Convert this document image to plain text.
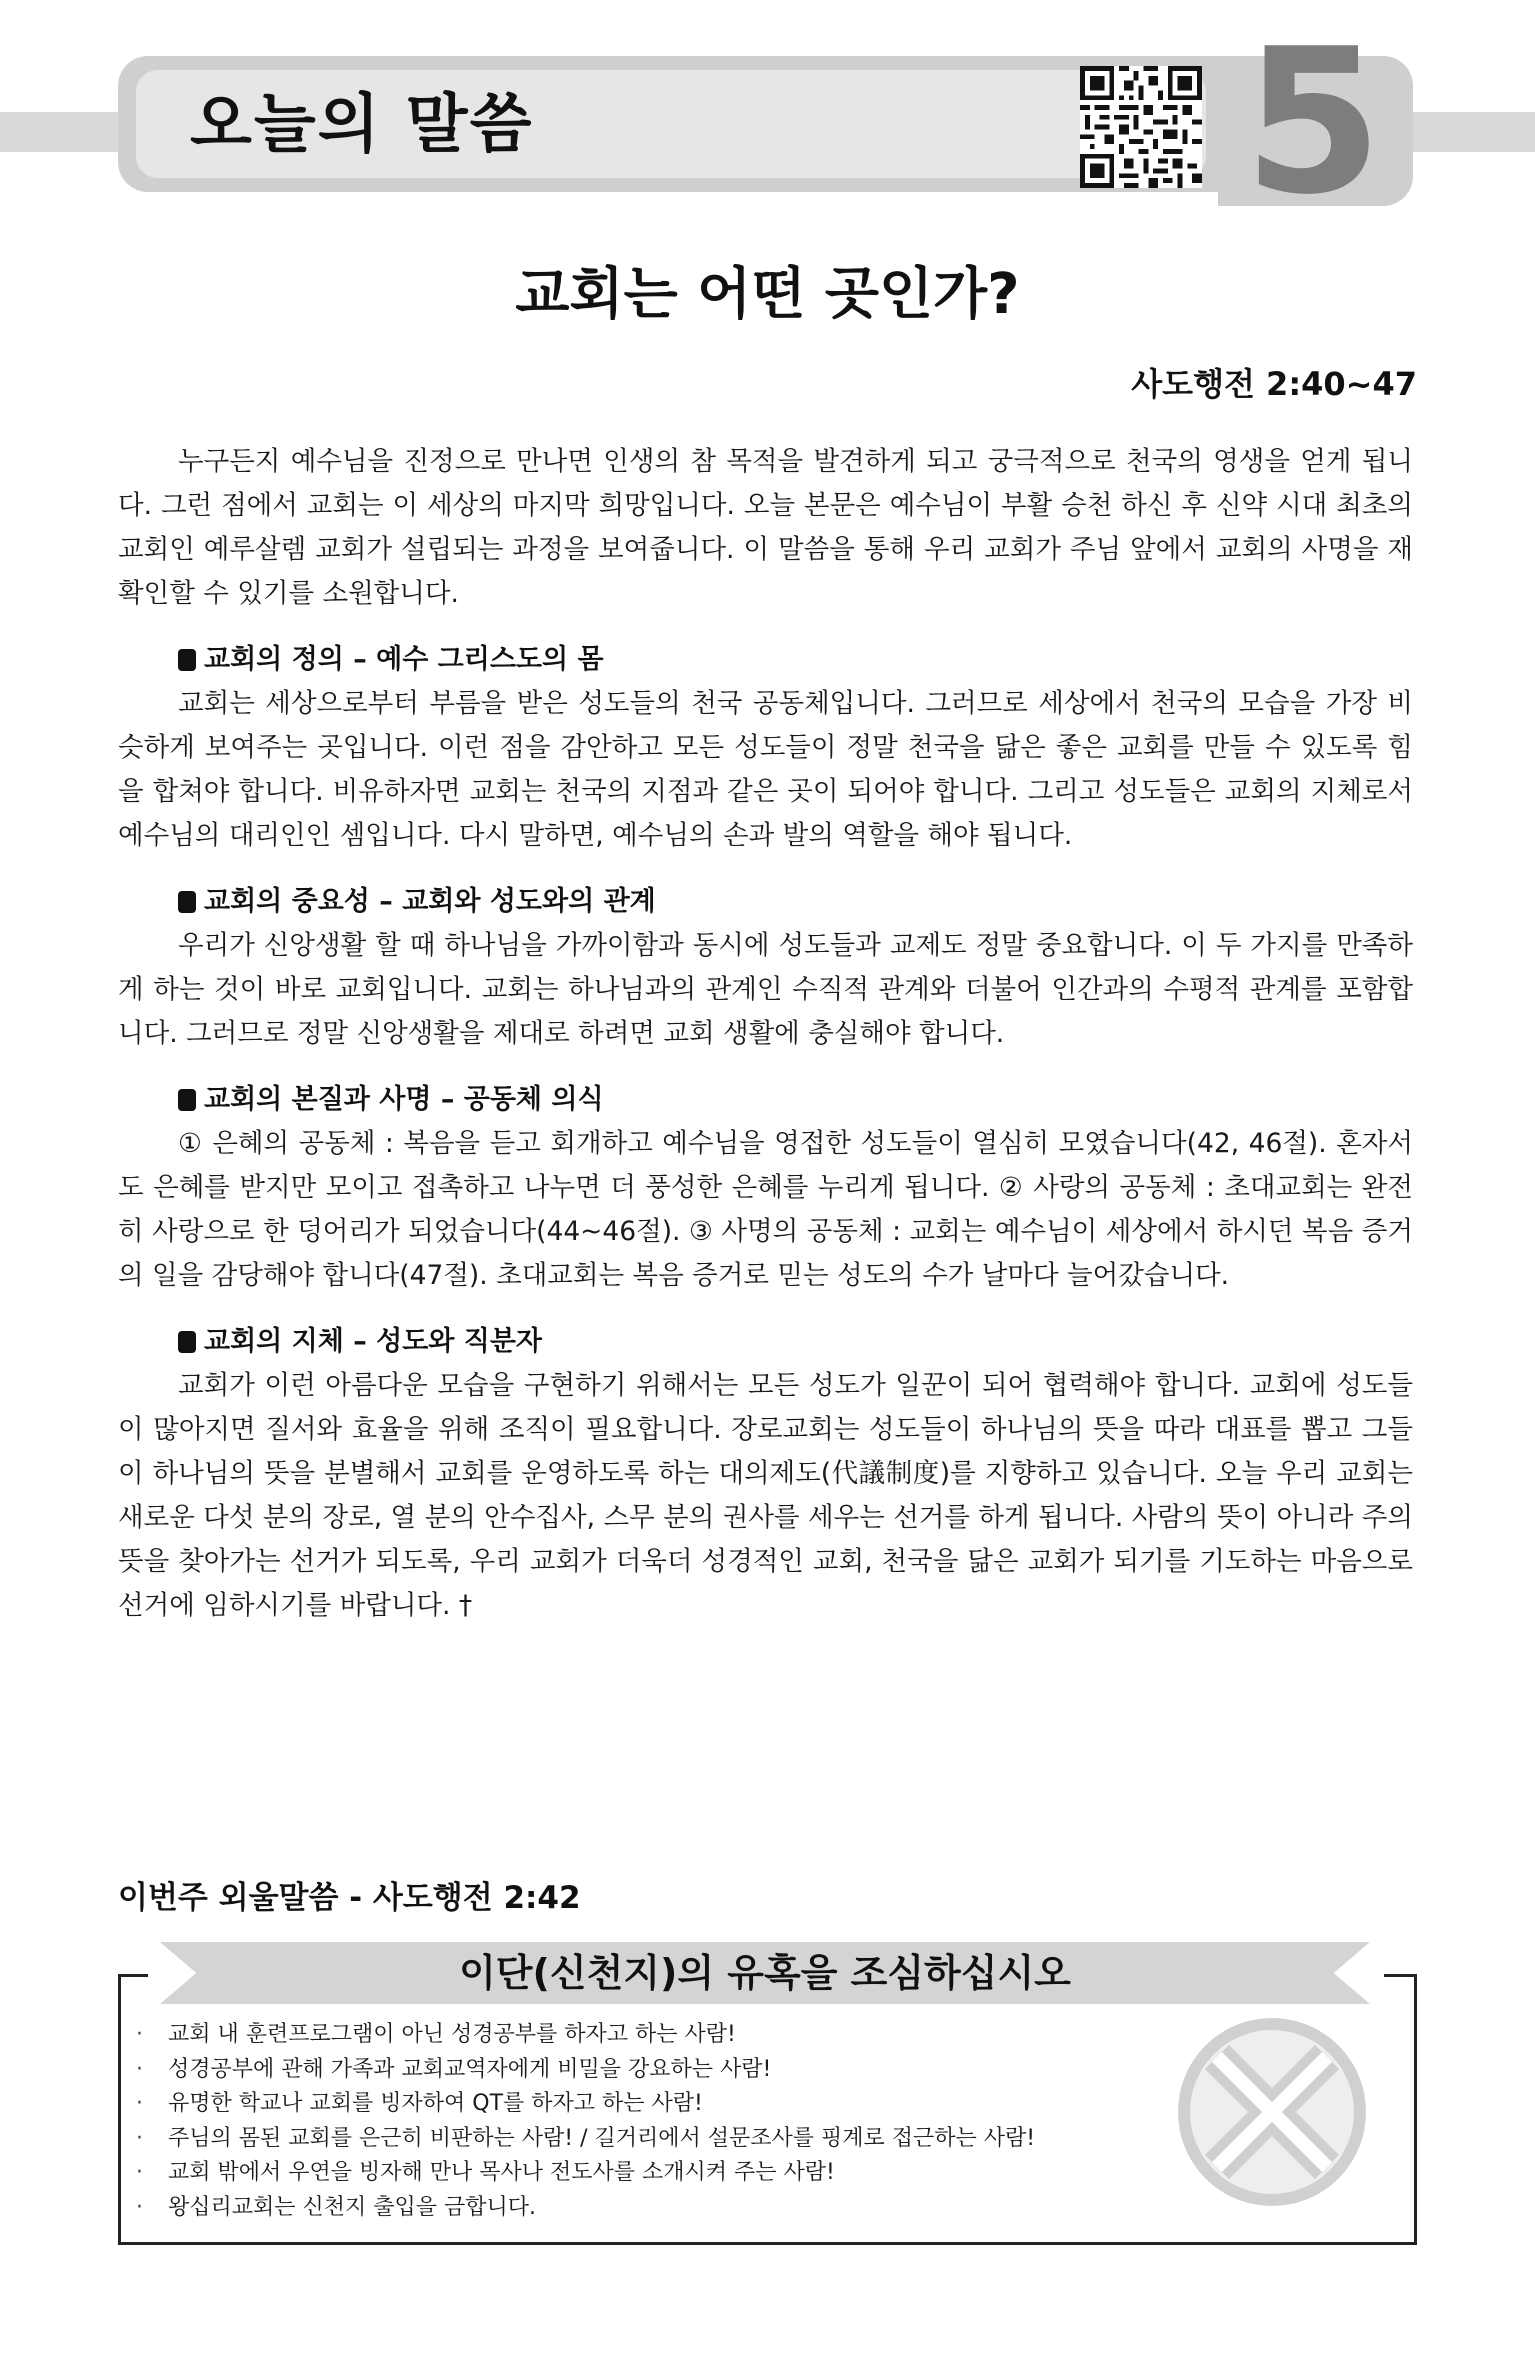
오늘의 말씀	5
교회는 어떤 곳인가?
사도행전 2:40~47

누구든지 예수님을 진정으로 만나면 인생의 참 목적을 발견하게 되고 궁극적으로 천국의 영생을 얻게 됩니다. 그런 점에서 교회는 이 세상의 마지막 희망입니다. 오늘 본문은 예수님이 부활 승천 하신 후 신약 시대 최초의 교회인 예루살렘 교회가 설립되는 과정을 보여줍니다. 이 말씀을 통해 우리 교회가 주님 앞에서 교회의 사명을 재확인할 수 있기를 소원합니다.

교회의 정의 – 예수 그리스도의 몸

교회는 세상으로부터 부름을 받은 성도들의 천국 공동체입니다. 그러므로 세상에서 천국의 모습을 가장 비슷하게 보여주는 곳입니다. 이런 점을 감안하고 모든 성도들이 정말 천국을 닮은 좋은 교회를 만들 수 있도록 힘을 합쳐야 합니다. 비유하자면 교회는 천국의 지점과 같은 곳이 되어야 합니다. 그리고 성도들은 교회의 지체로서 예수님의 대리인인 셈입니다. 다시 말하면, 예수님의 손과 발의 역할을 해야 됩니다.

교회의 중요성 – 교회와 성도와의 관계

우리가 신앙생활 할 때 하나님을 가까이함과 동시에 성도들과 교제도 정말 중요합니다. 이 두 가지를 만족하게 하는 것이 바로 교회입니다. 교회는 하나님과의 관계인 수직적 관계와 더불어 인간과의 수평적 관계를 포함합니다. 그러므로 정말 신앙생활을 제대로 하려면 교회 생활에 충실해야 합니다.

교회의 본질과 사명 – 공동체 의식

① 은혜의 공동체 : 복음을 듣고 회개하고 예수님을 영접한 성도들이 열심히 모였습니다(42, 46절). 혼자서도 은혜를 받지만 모이고 접촉하고 나누면 더 풍성한 은혜를 누리게 됩니다. ② 사랑의 공동체 : 초대교회는 완전히 사랑으로 한 덩어리가 되었습니다(44~46절). ③ 사명의 공동체 : 교회는 예수님이 세상에서 하시던 복음 증거의 일을 감당해야 합니다(47절). 초대교회는 복음 증거로 믿는 성도의 수가 날마다 늘어갔습니다.

교회의 지체 – 성도와 직분자

교회가 이런 아름다운 모습을 구현하기 위해서는 모든 성도가 일꾼이 되어 협력해야 합니다. 교회에 성도들이 많아지면 질서와 효율을 위해 조직이 필요합니다. 장로교회는 성도들이 하나님의 뜻을 따라 대표를 뽑고 그들이 하나님의 뜻을 분별해서 교회를 운영하도록 하는 대의제도(代議制度)를 지향하고 있습니다. 오늘 우리 교회는 새로운 다섯 분의 장로, 열 분의 안수집사, 스무 분의 권사를 세우는 선거를 하게 됩니다. 사람의 뜻이 아니라 주의 뜻을 찾아가는 선거가 되도록, 우리 교회가 더욱더 성경적인 교회, 천국을 닮은 교회가 되기를 기도하는 마음으로 선거에 임하시기를 바랍니다. †

이번주 외울말씀 - 사도행전 2:42
이단(신천지)의 유혹을 조심하십시오
· 교회 내 훈련프로그램이 아닌 성경공부를 하자고 하는 사람!
· 성경공부에 관해 가족과 교회교역자에게 비밀을 강요하는 사람!
· 유명한 학교나 교회를 빙자하여 QT를 하자고 하는 사람!
· 주님의 몸된 교회를 은근히 비판하는 사람! / 길거리에서 설문조사를 핑계로 접근하는 사람!
· 교회 밖에서 우연을 빙자해 만나 목사나 전도사를 소개시켜 주는 사람!
· 왕십리교회는 신천지 출입을 금합니다.
